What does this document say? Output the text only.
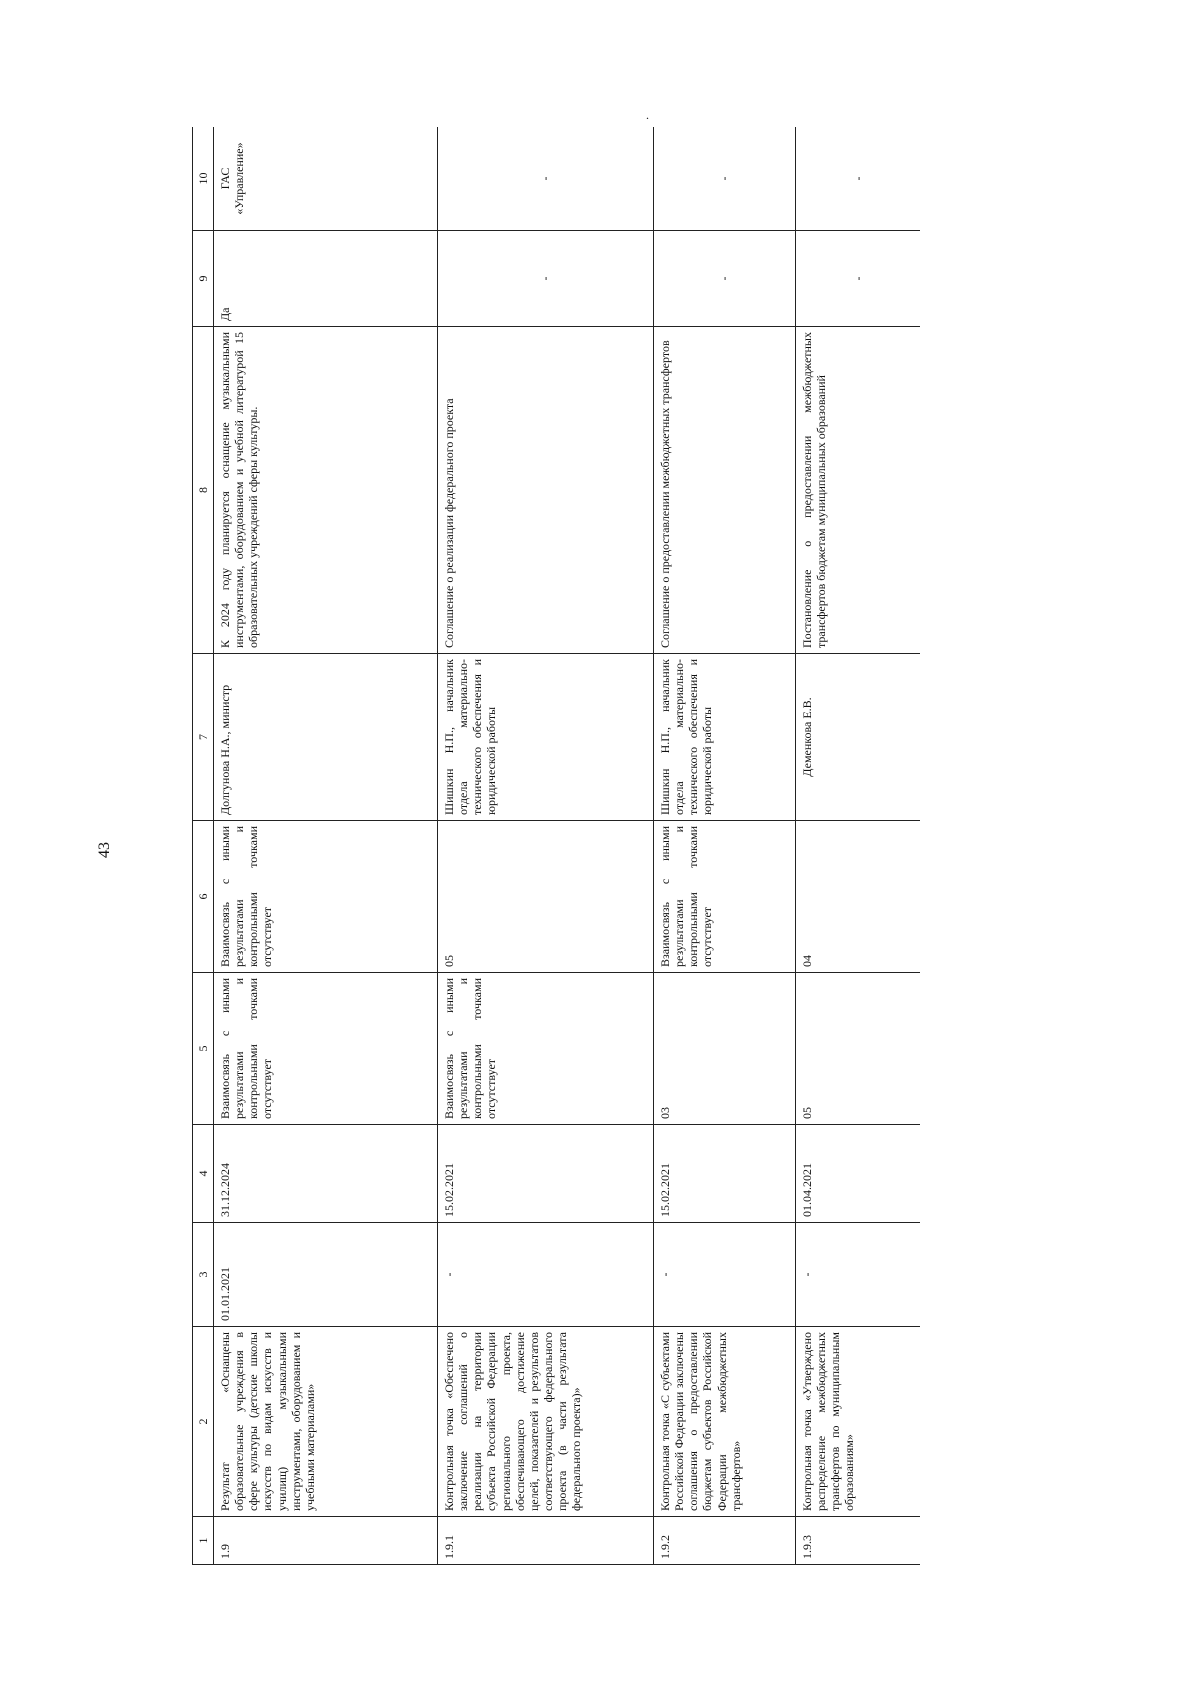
43
.
1	2	3	4	5	6	7	8	9	10
1.9	Результат «Оснащены образовательные учреждения в сфере культуры (детские школы искусств по видам искусств и училищ) музыкальными инструментами, оборудованием и учебными материалами»	01.01.2021	31.12.2024	Взаимосвязь с иными результатами и контрольными точками отсутствует	Взаимосвязь с иными результатами и контрольными точками отсутствует	Долгунова Н.А., министр	К 2024 году планируется оснащение музыкальными инструментами, оборудованием и учебной литературой 15 образовательных учреждений сферы культуры.	Да	ГАС «Управление»
1.9.1	Контрольная точка «Обеспечено заключение соглашений о реализации на территории субъекта Российской Федерации регионального проекта, обеспечивающего достижение целей, показателей и результатов соответствующего федерального проекта (в части результата федерального проекта)»	-	15.02.2021	Взаимосвязь с иными результатами и контрольными точками отсутствует	05	Шишкин Н.П., начальник отдела материально-технического обеспечения и юридической работы	Соглашение о реализации федерального проекта	-	-
1.9.2	Контрольная точка «С субъектами Российской Федерации заключены соглашения о предоставлении бюджетам субъектов Российской Федерации межбюджетных трансфертов»	-	15.02.2021	03	Взаимосвязь с иными результатами и контрольными точками отсутствует	Шишкин Н.П., начальник отдела материально-технического обеспечения и юридической работы	Соглашение о предоставлении межбюджетных трансфертов	-	-
1.9.3	Контрольная точка «Утверждено распределение межбюджетных трансфертов по муниципальным образованиям»	-	01.04.2021	05	04	Деменкова Е.В.	Постановление о предоставлении межбюджетных трансфертов бюджетам муниципальных образований	-	-
